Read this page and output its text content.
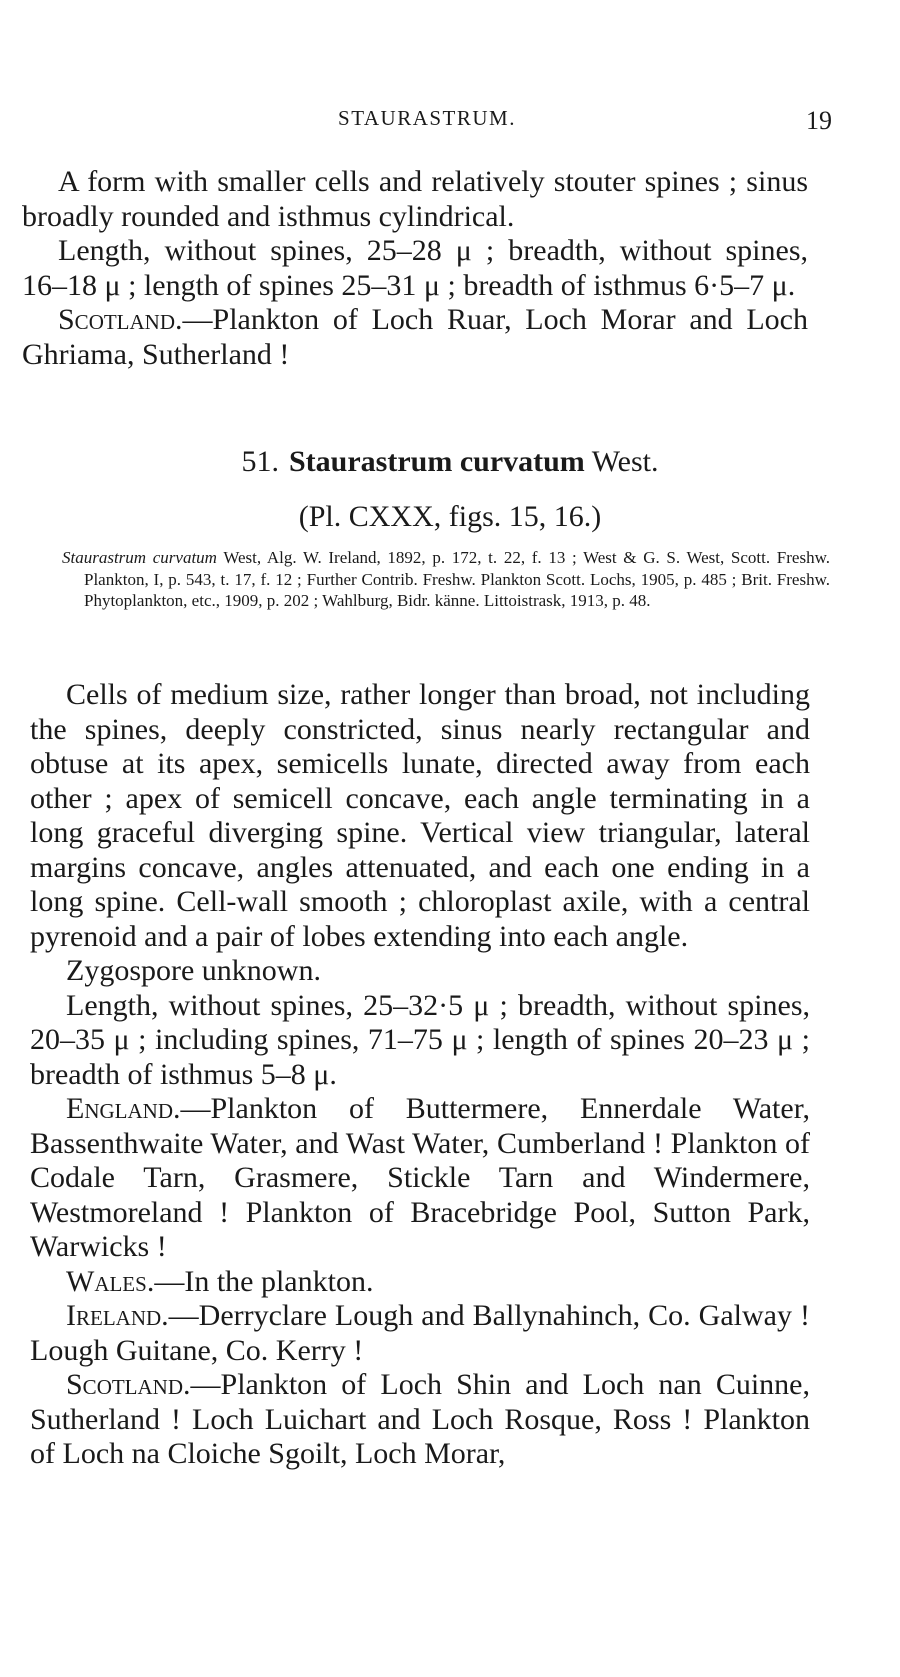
STAURASTRUM.	19

A form with smaller cells and relatively stouter spines ; sinus broadly rounded and isthmus cylindrical.

Length, without spines, 25–28 μ ; breadth, without spines, 16–18 μ ; length of spines 25–31 μ ; breadth of isthmus 6·5–7 μ.

Scotland.—Plankton of Loch Ruar, Loch Morar and Loch Ghriama, Sutherland !

51. Staurastrum curvatum West.
(Pl. CXXX, figs. 15, 16.)
Staurastrum curvatum West, Alg. W. Ireland, 1892, p. 172, t. 22, f. 13 ; West & G. S. West, Scott. Freshw. Plankton, I, p. 543, t. 17, f. 12 ; Further Contrib. Freshw. Plankton Scott. Lochs, 1905, p. 485 ; Brit. Freshw. Phytoplankton, etc., 1909, p. 202 ; Wahlburg, Bidr. känne. Littoistrask, 1913, p. 48.

Cells of medium size, rather longer than broad, not including the spines, deeply constricted, sinus nearly rectangular and obtuse at its apex, semicells lunate, directed away from each other ; apex of semicell concave, each angle terminating in a long graceful diverging spine. Vertical view triangular, lateral margins concave, angles attenuated, and each one ending in a long spine. Cell-wall smooth ; chloroplast axile, with a central pyrenoid and a pair of lobes extending into each angle.

Zygospore unknown.

Length, without spines, 25–32·5 μ ; breadth, without spines, 20–35 μ ; including spines, 71–75 μ ; length of spines 20–23 μ ; breadth of isthmus 5–8 μ.

England.—Plankton of Buttermere, Ennerdale Water, Bassenthwaite Water, and Wast Water, Cumberland ! Plankton of Codale Tarn, Grasmere, Stickle Tarn and Windermere, Westmoreland ! Plankton of Bracebridge Pool, Sutton Park, Warwicks !

Wales.—In the plankton.

Ireland.—Derryclare Lough and Ballynahinch, Co. Galway ! Lough Guitane, Co. Kerry !

Scotland.—Plankton of Loch Shin and Loch nan Cuinne, Sutherland ! Loch Luichart and Loch Rosque, Ross ! Plankton of Loch na Cloiche Sgoilt, Loch Morar,
